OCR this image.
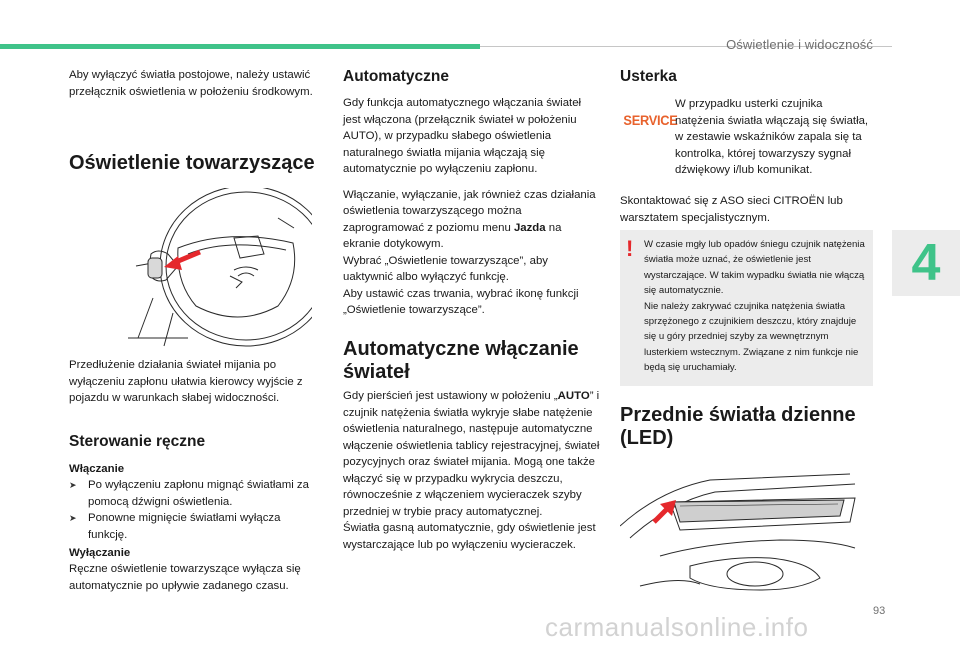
Oświetlenie i widoczność
4
93
carmanualsonline.info

Aby wyłączyć światła postojowe, należy ustawić przełącznik oświetlenia w położeniu środkowym.

Oświetlenie towarzyszące

Przedłużenie działania świateł mijania po wyłączeniu zapłonu ułatwia kierowcy wyjście z pojazdu w warunkach słabej widoczności.

Sterowanie ręczne

Włączanie

➤	Po wyłączeniu zapłonu mignąć światłami za pomocą dźwigni oświetlenia.
➤	Ponowne mignięcie światłami wyłącza funkcję.

Wyłączanie

Ręczne oświetlenie towarzyszące wyłącza się automatycznie po upływie zadanego czasu.

Automatyczne

Gdy funkcja automatycznego włączania świateł jest włączona (przełącznik świateł w położeniu AUTO), w przypadku słabego oświetlenia naturalnego światła mijania włączają się automatycznie po wyłączeniu zapłonu.

Włączanie, wyłączanie, jak również czas działania oświetlenia towarzyszącego można zaprogramować z poziomu menu Jazda na ekranie dotykowym.

Wybrać „Oświetlenie towarzyszące”, aby uaktywnić albo wyłączyć funkcję.

Aby ustawić czas trwania, wybrać ikonę funkcji „Oświetlenie towarzyszące”.

Automatyczne włączanie
świateł

Gdy pierścień jest ustawiony w położeniu „AUTO” i czujnik natężenia światła wykryje słabe natężenie oświetlenia naturalnego, następuje automatyczne włączenie oświetlenia tablicy rejestracyjnej, świateł pozycyjnych oraz świateł mijania. Mogą one także włączyć się w przypadku wykrycia deszczu, równocześnie z włączeniem wycieraczek szyby przedniej w trybie pracy automatycznej.

Światła gasną automatycznie, gdy oświetlenie jest wystarczające lub po wyłączeniu wycieraczek.

Usterka
SERVICE

W przypadku usterki czujnika natężenia światła włączają się światła, w zestawie wskaźników zapala się ta kontrolka, której towarzyszy sygnał dźwiękowy i/lub komunikat.

Skontaktować się z ASO sieci CITROËN lub warsztatem specjalistycznym.

! W czasie mgły lub opadów śniegu czujnik natężenia światła może uznać, że oświetlenie jest wystarczające. W takim wypadku światła nie włączą się automatycznie.
Nie należy zakrywać czujnika natężenia światła sprzężonego z czujnikiem deszczu, który znajduje się u góry przedniej szyby za wewnętrznym lusterkiem wstecznym. Związane z nim funkcje nie będą się uruchamiały.
Przednie światła dzienne
(LED)
